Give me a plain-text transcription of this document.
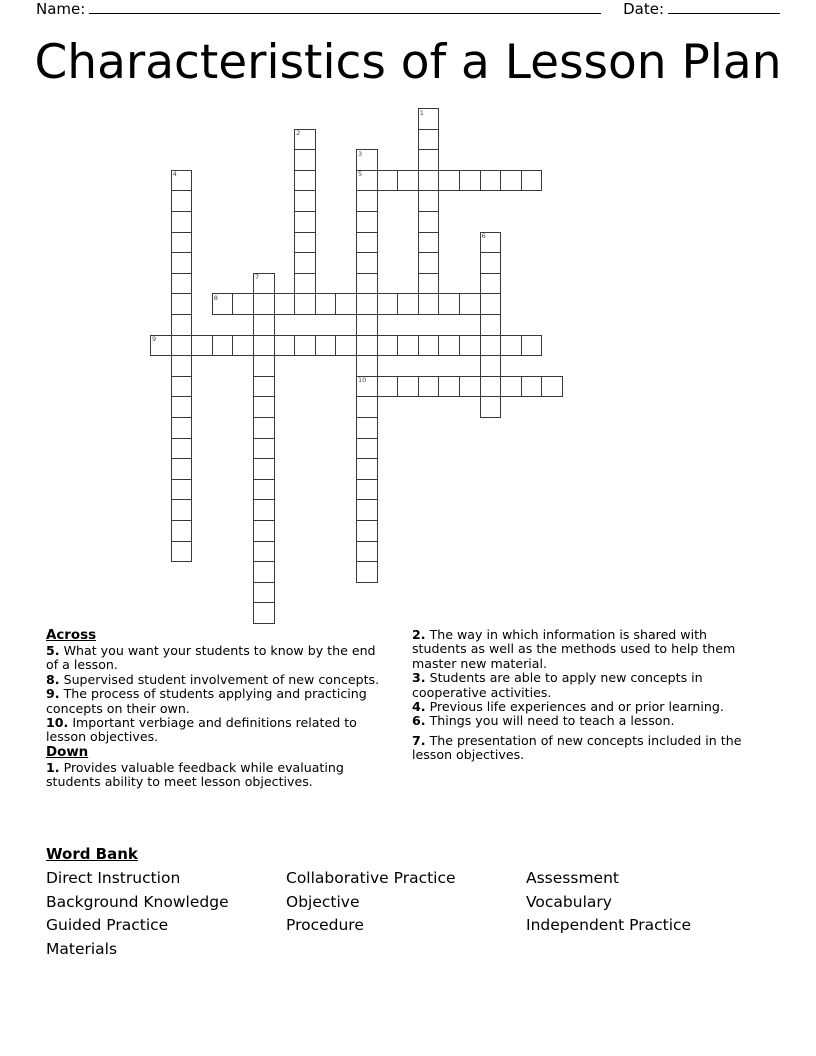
Name:	Date:
Characteristics of a Lesson Plan
1
2
3
4	5
6
7
8
9
10
Across
5. What you want your students to know by the end of a lesson.
8. Supervised student involvement of new concepts.
9. The process of students applying and practicing concepts on their own.
10. Important verbiage and definitions related to lesson objectives.
Down
1. Provides valuable feedback while evaluating students ability to meet lesson objectives.
2. The way in which information is shared with students as well as the methods used to help them master new material.
3. Students are able to apply new concepts in cooperative activities.
4. Previous life experiences and or prior learning.
6. Things you will need to teach a lesson.
7. The presentation of new concepts included in the lesson objectives.
Word Bank
Direct Instruction	Collaborative Practice	Assessment
Background Knowledge	Objective	Vocabulary
Guided Practice	Procedure	Independent Practice
Materials
